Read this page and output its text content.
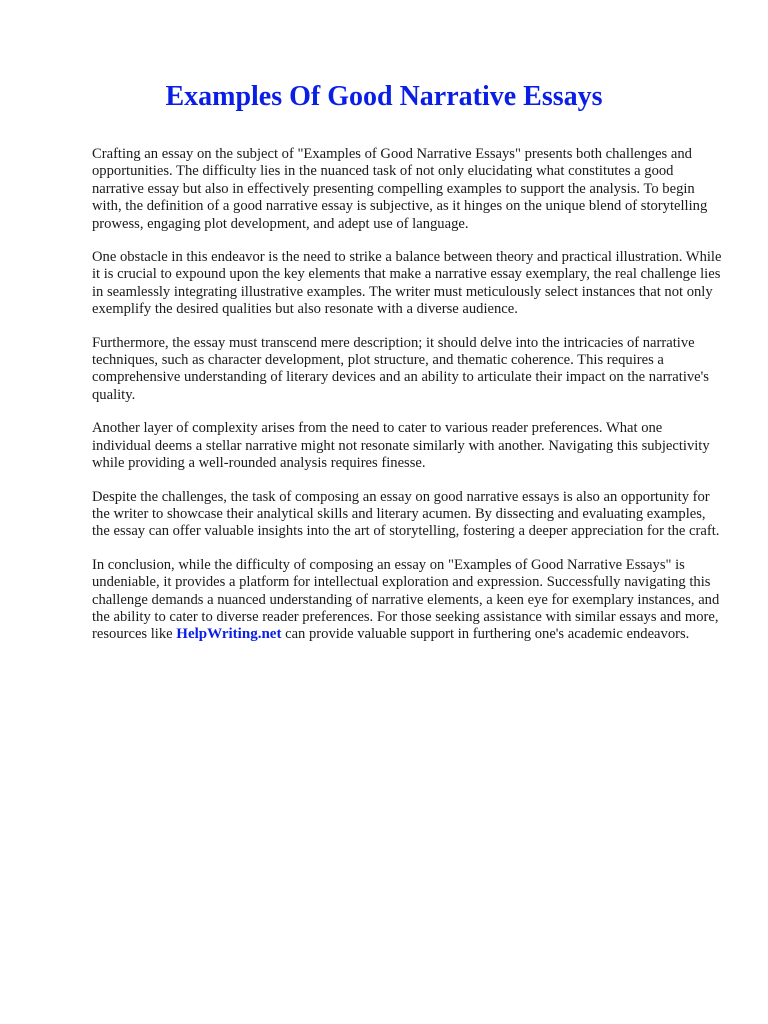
Examples Of Good Narrative Essays

Crafting an essay on the subject of "Examples of Good Narrative Essays" presents both challenges and opportunities. The difficulty lies in the nuanced task of not only elucidating what constitutes a good narrative essay but also in effectively presenting compelling examples to support the analysis. To begin with, the definition of a good narrative essay is subjective, as it hinges on the unique blend of storytelling prowess, engaging plot development, and adept use of language.

One obstacle in this endeavor is the need to strike a balance between theory and practical illustration. While it is crucial to expound upon the key elements that make a narrative essay exemplary, the real challenge lies in seamlessly integrating illustrative examples. The writer must meticulously select instances that not only exemplify the desired qualities but also resonate with a diverse audience.

Furthermore, the essay must transcend mere description; it should delve into the intricacies of narrative techniques, such as character development, plot structure, and thematic coherence. This requires a comprehensive understanding of literary devices and an ability to articulate their impact on the narrative's quality.

Another layer of complexity arises from the need to cater to various reader preferences. What one individual deems a stellar narrative might not resonate similarly with another. Navigating this subjectivity while providing a well-rounded analysis requires finesse.

Despite the challenges, the task of composing an essay on good narrative essays is also an opportunity for the writer to showcase their analytical skills and literary acumen. By dissecting and evaluating examples, the essay can offer valuable insights into the art of storytelling, fostering a deeper appreciation for the craft.

In conclusion, while the difficulty of composing an essay on "Examples of Good Narrative Essays" is undeniable, it provides a platform for intellectual exploration and expression. Successfully navigating this challenge demands a nuanced understanding of narrative elements, a keen eye for exemplary instances, and the ability to cater to diverse reader preferences. For those seeking assistance with similar essays and more, resources like HelpWriting.net can provide valuable support in furthering one's academic endeavors.
